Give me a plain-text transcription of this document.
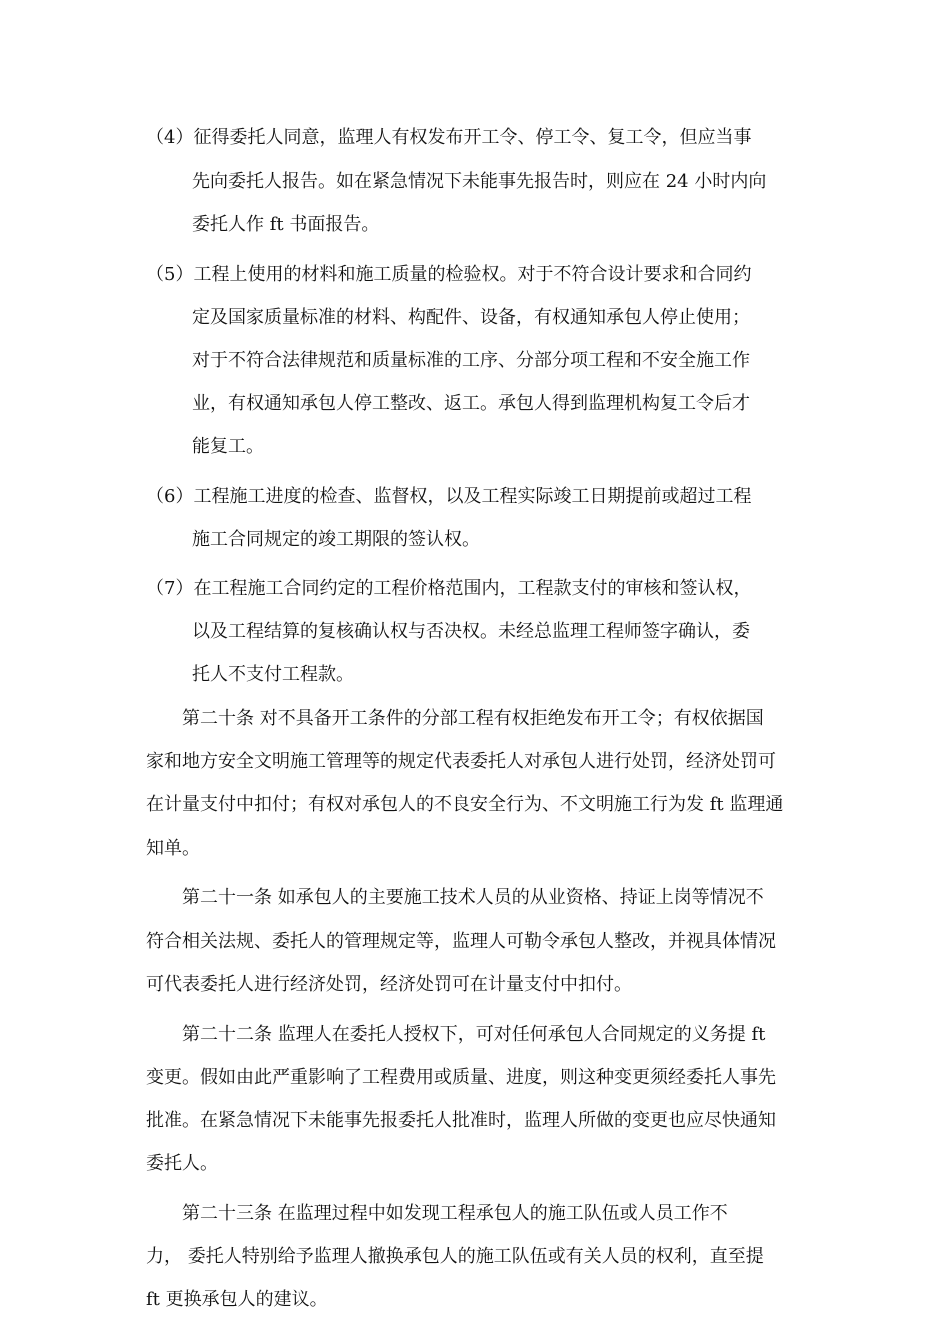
（4）征得委托人同意，监理人有权发布开工令、停工令、复工令，但应当事
先向委托人报告。如在紧急情况下未能事先报告时，则应在 24 小时内向
委托人作 ft 书面报告。
（5）工程上使用的材料和施工质量的检验权。对于不符合设计要求和合同约
定及国家质量标准的材料、构配件、设备，有权通知承包人停止使用；
对于不符合法律规范和质量标准的工序、分部分项工程和不安全施工作
业，有权通知承包人停工整改、返工。承包人得到监理机构复工令后才
能复工。
（6）工程施工进度的检查、监督权，以及工程实际竣工日期提前或超过工程
施工合同规定的竣工期限的签认权。
（7）在工程施工合同约定的工程价格范围内，工程款支付的审核和签认权，
以及工程结算的复核确认权与否决权。未经总监理工程师签字确认，委
托人不支付工程款。
第二十条 对不具备开工条件的分部工程有权拒绝发布开工令；有权依据国
家和地方安全文明施工管理等的规定代表委托人对承包人进行处罚，经济处罚可
在计量支付中扣付；有权对承包人的不良安全行为、不文明施工行为发 ft 监理通
知单。
第二十一条 如承包人的主要施工技术人员的从业资格、持证上岗等情况不
符合相关法规、委托人的管理规定等，监理人可勒令承包人整改，并视具体情况
可代表委托人进行经济处罚，经济处罚可在计量支付中扣付。
第二十二条 监理人在委托人授权下，可对任何承包人合同规定的义务提 ft
变更。假如由此严重影响了工程费用或质量、进度，则这种变更须经委托人事先
批准。在紧急情况下未能事先报委托人批准时，监理人所做的变更也应尽快通知
委托人。
第二十三条 在监理过程中如发现工程承包人的施工队伍或人员工作不
力， 委托人特别给予监理人撤换承包人的施工队伍或有关人员的权利，直至提
ft 更换承包人的建议。
